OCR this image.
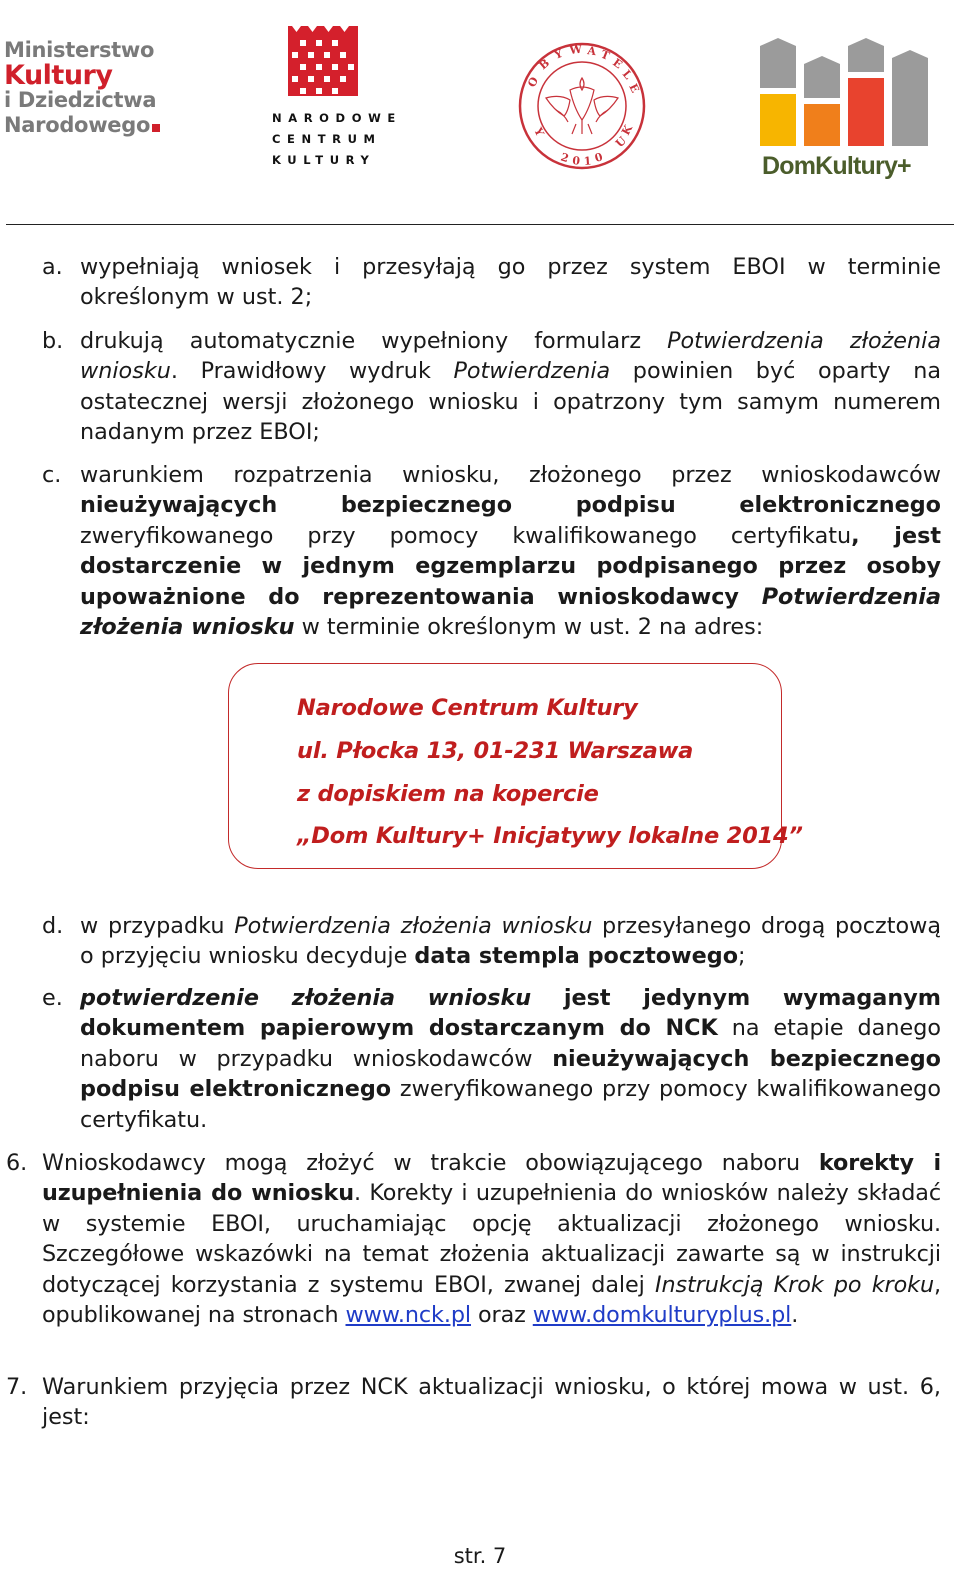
Ministerstwo
Kultury
i Dziedzictwa
Narodowego	NARODOWE
CENTRUM
KULTURY
O
B
Y W A T
E
L
E
K
U
Y
2 0 1 0	DomKultury+

a. wypełniają wniosek i przesyłają go przez system EBOI w terminie określonym w ust. 2;

b. drukują automatycznie wypełniony formularz Potwierdzenia złożenia wniosku. Prawidłowy wydruk Potwierdzenia powinien być oparty na ostatecznej wersji złożonego wniosku i opatrzony tym samym numerem nadanym przez EBOI;

c. warunkiem rozpatrzenia wniosku, złożonego przez wnioskodawców nieużywających bezpiecznego podpisu elektronicznego zweryfikowanego przy pomocy kwalifikowanego certyfikatu, jest dostarczenie w jednym egzemplarzu podpisanego przez osoby upoważnione do reprezentowania wnioskodawcy Potwierdzenia złożenia wniosku w terminie określonym w ust. 2 na adres:

Narodowe Centrum Kultury
ul. Płocka 13, 01-231 Warszawa
z dopiskiem na kopercie
„Dom Kultury+ Inicjatywy lokalne 2014”

d. w przypadku Potwierdzenia złożenia wniosku przesyłanego drogą pocztową o przyjęciu wniosku decyduje data stempla pocztowego;

e. potwierdzenie złożenia wniosku jest jedynym wymaganym dokumentem papierowym dostarczanym do NCK na etapie danego naboru w przypadku wnioskodawców nieużywających bezpiecznego podpisu elektronicznego zweryfikowanego przy pomocy kwalifikowanego certyfikatu.

6. Wnioskodawcy mogą złożyć w trakcie obowiązującego naboru korekty i uzupełnienia do wniosku. Korekty i uzupełnienia do wniosków należy składać w systemie EBOI, uruchamiając opcję aktualizacji złożonego wniosku. Szczegółowe wskazówki na temat złożenia aktualizacji zawarte są w instrukcji dotyczącej korzystania z systemu EBOI, zwanej dalej Instrukcją Krok po kroku, opublikowanej na stronach www.nck.pl oraz www.domkulturyplus.pl.

7. Warunkiem przyjęcia przez NCK aktualizacji wniosku, o której mowa w ust. 6, jest:

str. 7
